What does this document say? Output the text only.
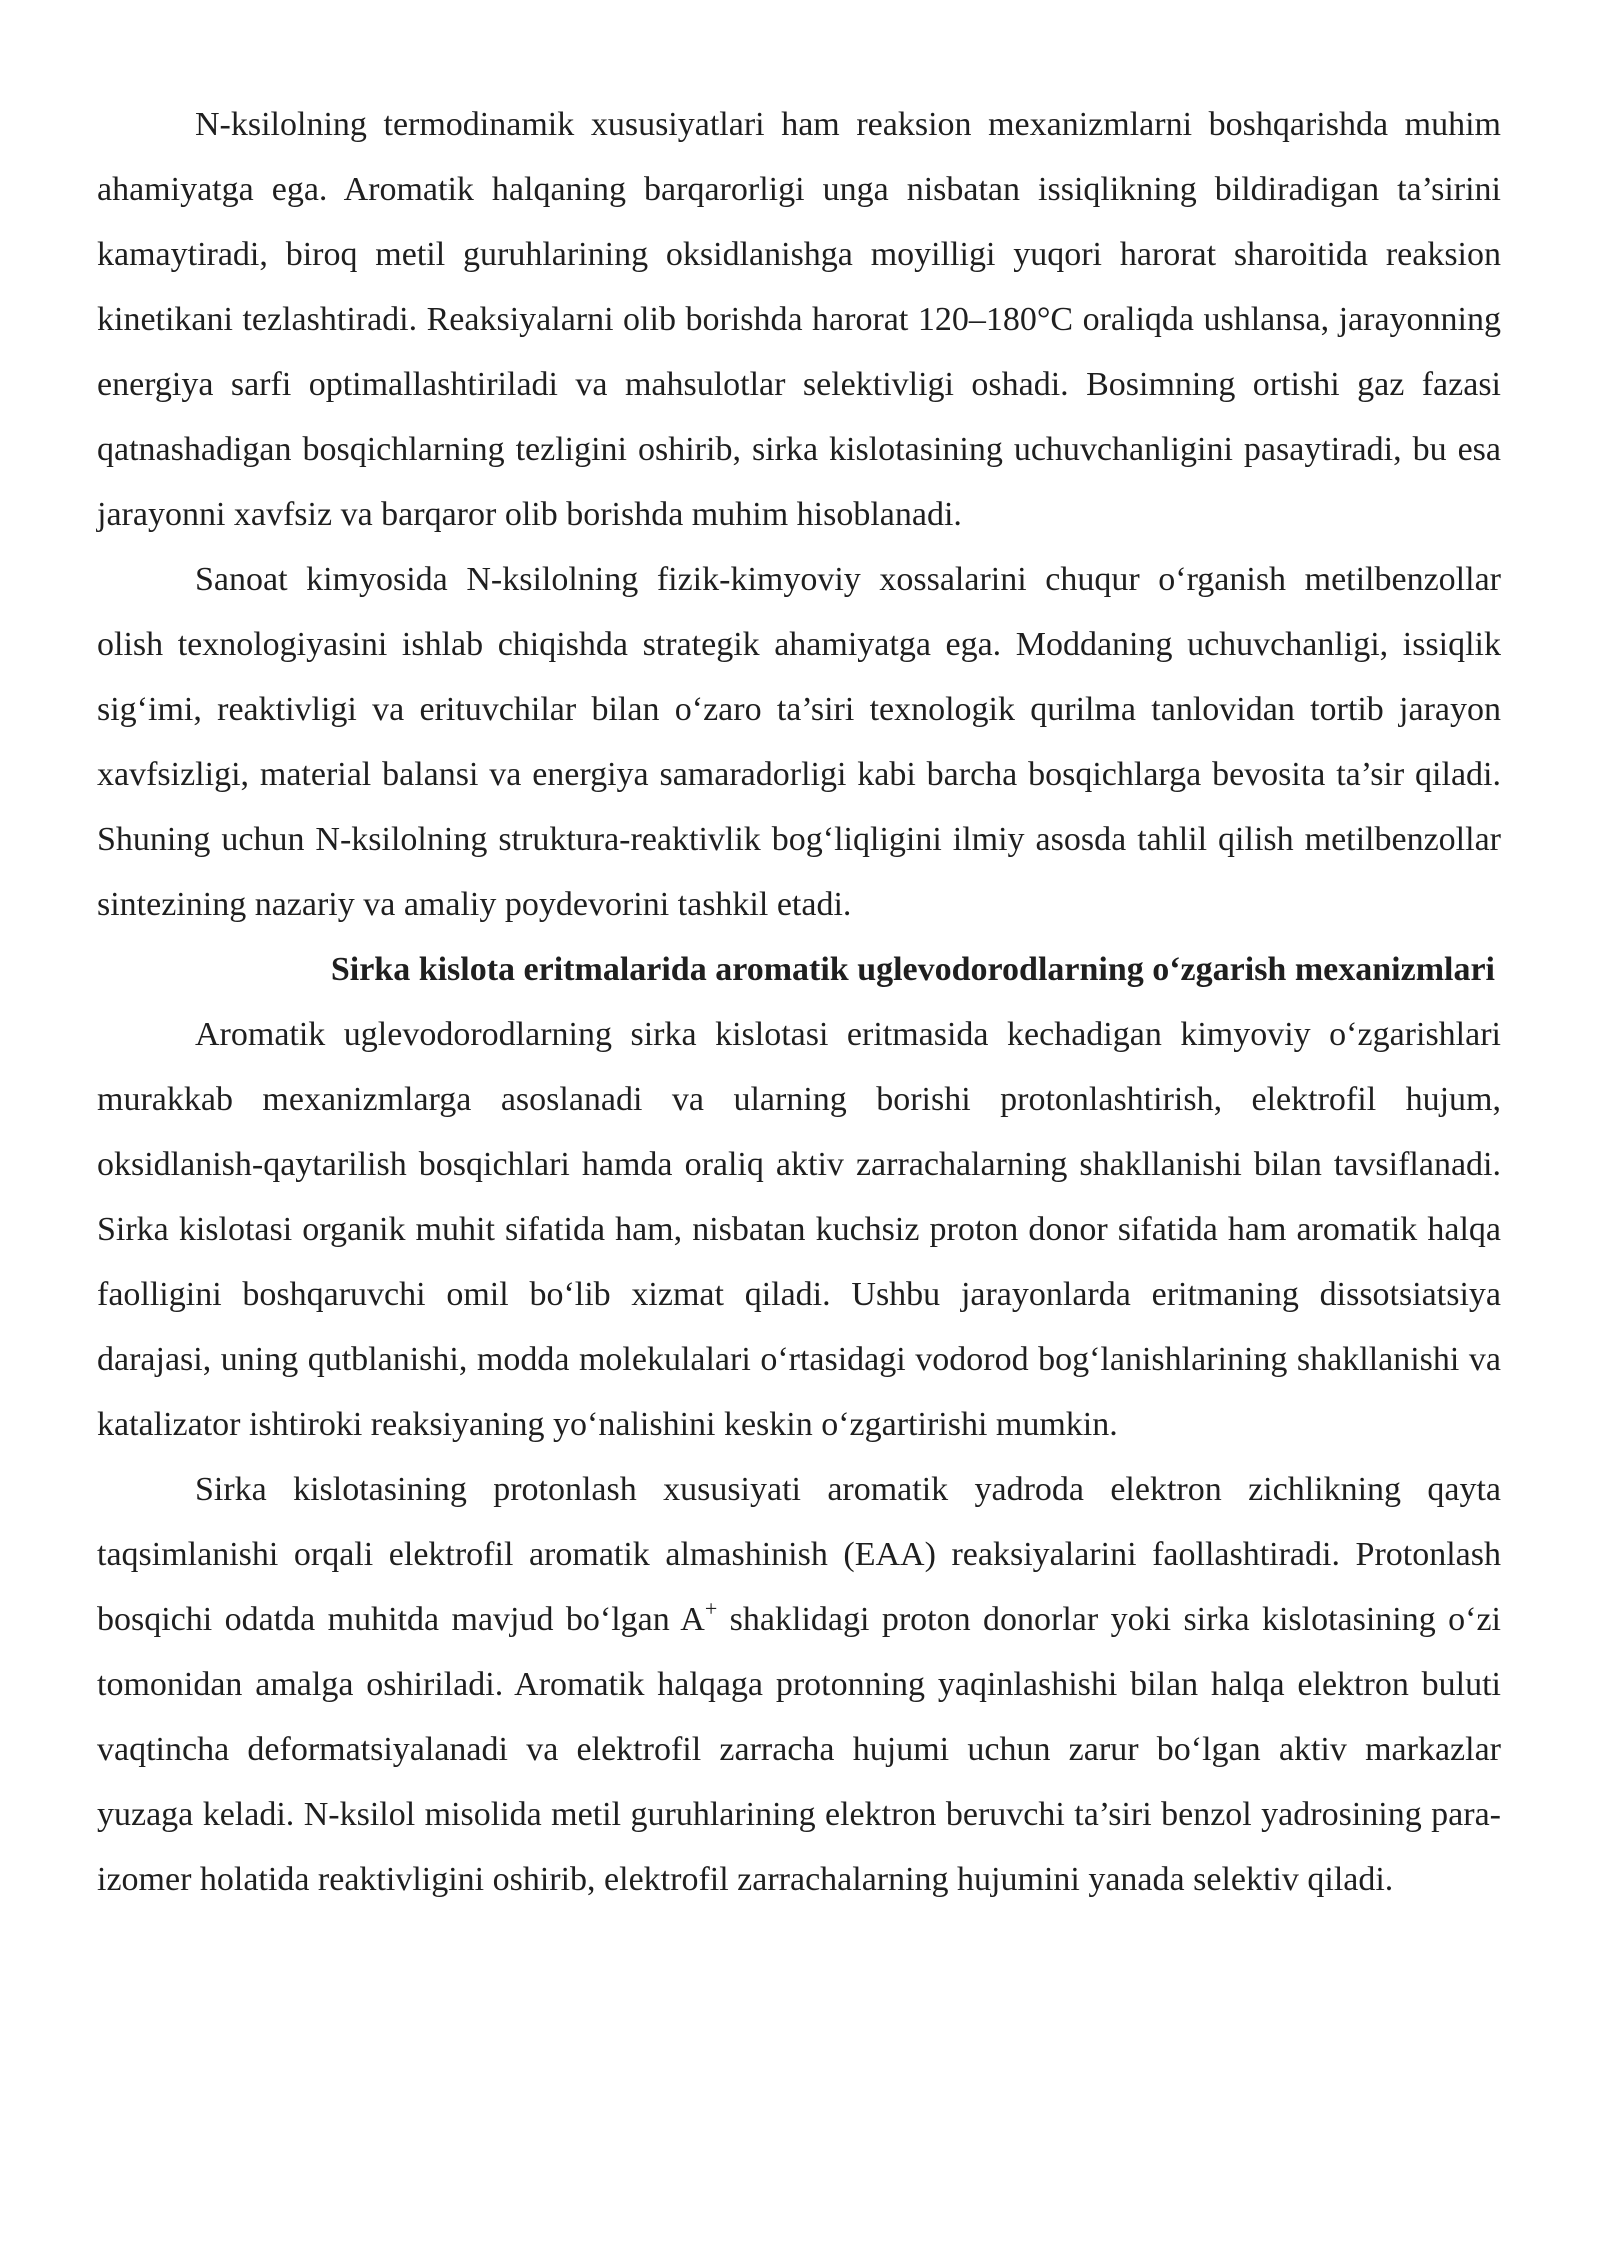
N-ksilolning termodinamik xususiyatlari ham reaksion mexanizmlarni boshqarishda muhim ahamiyatga ega. Aromatik halqaning barqarorligi unga nisbatan issiqlikning bildiradigan ta’sirini kamaytiradi, biroq metil guruhlarining oksidlanishga moyilligi yuqori harorat sharoitida reaksion kinetikani tezlashtiradi. Reaksiyalarni olib borishda harorat 120–180°C oraliqda ushlansa, jarayonning energiya sarfi optimallashtiriladi va mahsulotlar selektivligi oshadi. Bosimning ortishi gaz fazasi qatnashadigan bosqichlarning tezligini oshirib, sirka kislotasining uchuvchanligini pasaytiradi, bu esa jarayonni xavfsiz va barqaror olib borishda muhim hisoblanadi.

Sanoat kimyosida N-ksilolning fizik-kimyoviy xossalarini chuqur o‘rganish metilbenzollar olish texnologiyasini ishlab chiqishda strategik ahamiyatga ega. Moddaning uchuvchanligi, issiqlik sig‘imi, reaktivligi va erituvchilar bilan o‘zaro ta’siri texnologik qurilma tanlovidan tortib jarayon xavfsizligi, material balansi va energiya samaradorligi kabi barcha bosqichlarga bevosita ta’sir qiladi. Shuning uchun N-ksilolning struktura-reaktivlik bog‘liqligini ilmiy asosda tahlil qilish metilbenzollar sintezining nazariy va amaliy poydevorini tashkil etadi.

Sirka kislota eritmalarida aromatik uglevodorodlarning o‘zgarish mexanizmlari

Aromatik uglevodorodlarning sirka kislotasi eritmasida kechadigan kimyoviy o‘zgarishlari murakkab mexanizmlarga asoslanadi va ularning borishi protonlashtirish, elektrofil hujum, oksidlanish-qaytarilish bosqichlari hamda oraliq aktiv zarrachalarning shakllanishi bilan tavsiflanadi. Sirka kislotasi organik muhit sifatida ham, nisbatan kuchsiz proton donor sifatida ham aromatik halqa faolligini boshqaruvchi omil bo‘lib xizmat qiladi. Ushbu jarayonlarda eritmaning dissotsiatsiya darajasi, uning qutblanishi, modda molekulalari o‘rtasidagi vodorod bog‘lanishlarining shakllanishi va katalizator ishtiroki reaksiyaning yo‘nalishini keskin o‘zgartirishi mumkin.

Sirka kislotasining protonlash xususiyati aromatik yadroda elektron zichlikning qayta taqsimlanishi orqali elektrofil aromatik almashinish (EAA) reaksiyalarini faollashtiradi. Protonlash bosqichi odatda muhitda mavjud bo‘lgan A+ shaklidagi proton donorlar yoki sirka kislotasining o‘zi tomonidan amalga oshiriladi. Aromatik halqaga protonning yaqinlashishi bilan halqa elektron buluti vaqtincha deformatsiyalanadi va elektrofil zarracha hujumi uchun zarur bo‘lgan aktiv markazlar yuzaga keladi. N-ksilol misolida metil guruhlarining elektron beruvchi ta’siri benzol yadrosining para-izomer holatida reaktivligini oshirib, elektrofil zarrachalarning hujumini yanada selektiv qiladi.
